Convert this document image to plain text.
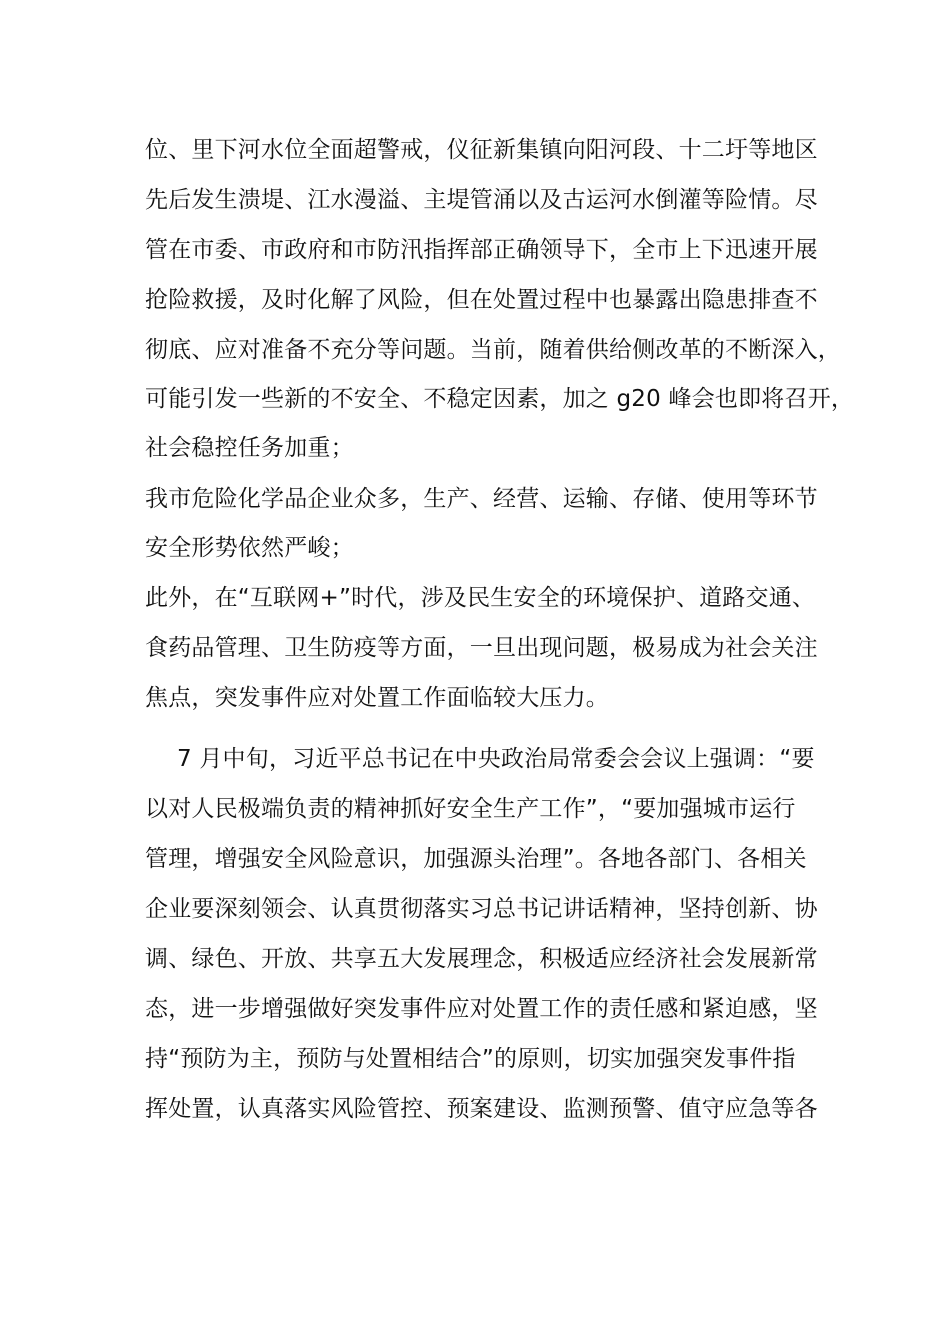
位、里下河水位全面超警戒，仪征新集镇向阳河段、十二圩等地区
先后发生溃堤、江水漫溢、主堤管涌以及古运河水倒灌等险情。尽
管在市委、市政府和市防汛指挥部正确领导下，全市上下迅速开展
抢险救援，及时化解了风险，但在处置过程中也暴露出隐患排查不
彻底、应对准备不充分等问题。当前，随着供给侧改革的不断深入，
可能引发一些新的不安全、不稳定因素，加之 g20 峰会也即将召开，
社会稳控任务加重；
我市危险化学品企业众多，生产、经营、运输、存储、使用等环节
安全形势依然严峻；
此外，在“互联网+”时代，涉及民生安全的环境保护、道路交通、
食药品管理、卫生防疫等方面，一旦出现问题，极易成为社会关注
焦点，突发事件应对处置工作面临较大压力。
7 月中旬，习近平总书记在中央政治局常委会会议上强调：“要
以对人民极端负责的精神抓好安全生产工作”，“要加强城市运行
管理，增强安全风险意识，加强源头治理”。各地各部门、各相关
企业要深刻领会、认真贯彻落实习总书记讲话精神，坚持创新、协
调、绿色、开放、共享五大发展理念，积极适应经济社会发展新常
态，进一步增强做好突发事件应对处置工作的责任感和紧迫感，坚
持“预防为主，预防与处置相结合”的原则，切实加强突发事件指
挥处置，认真落实风险管控、预案建设、监测预警、值守应急等各
